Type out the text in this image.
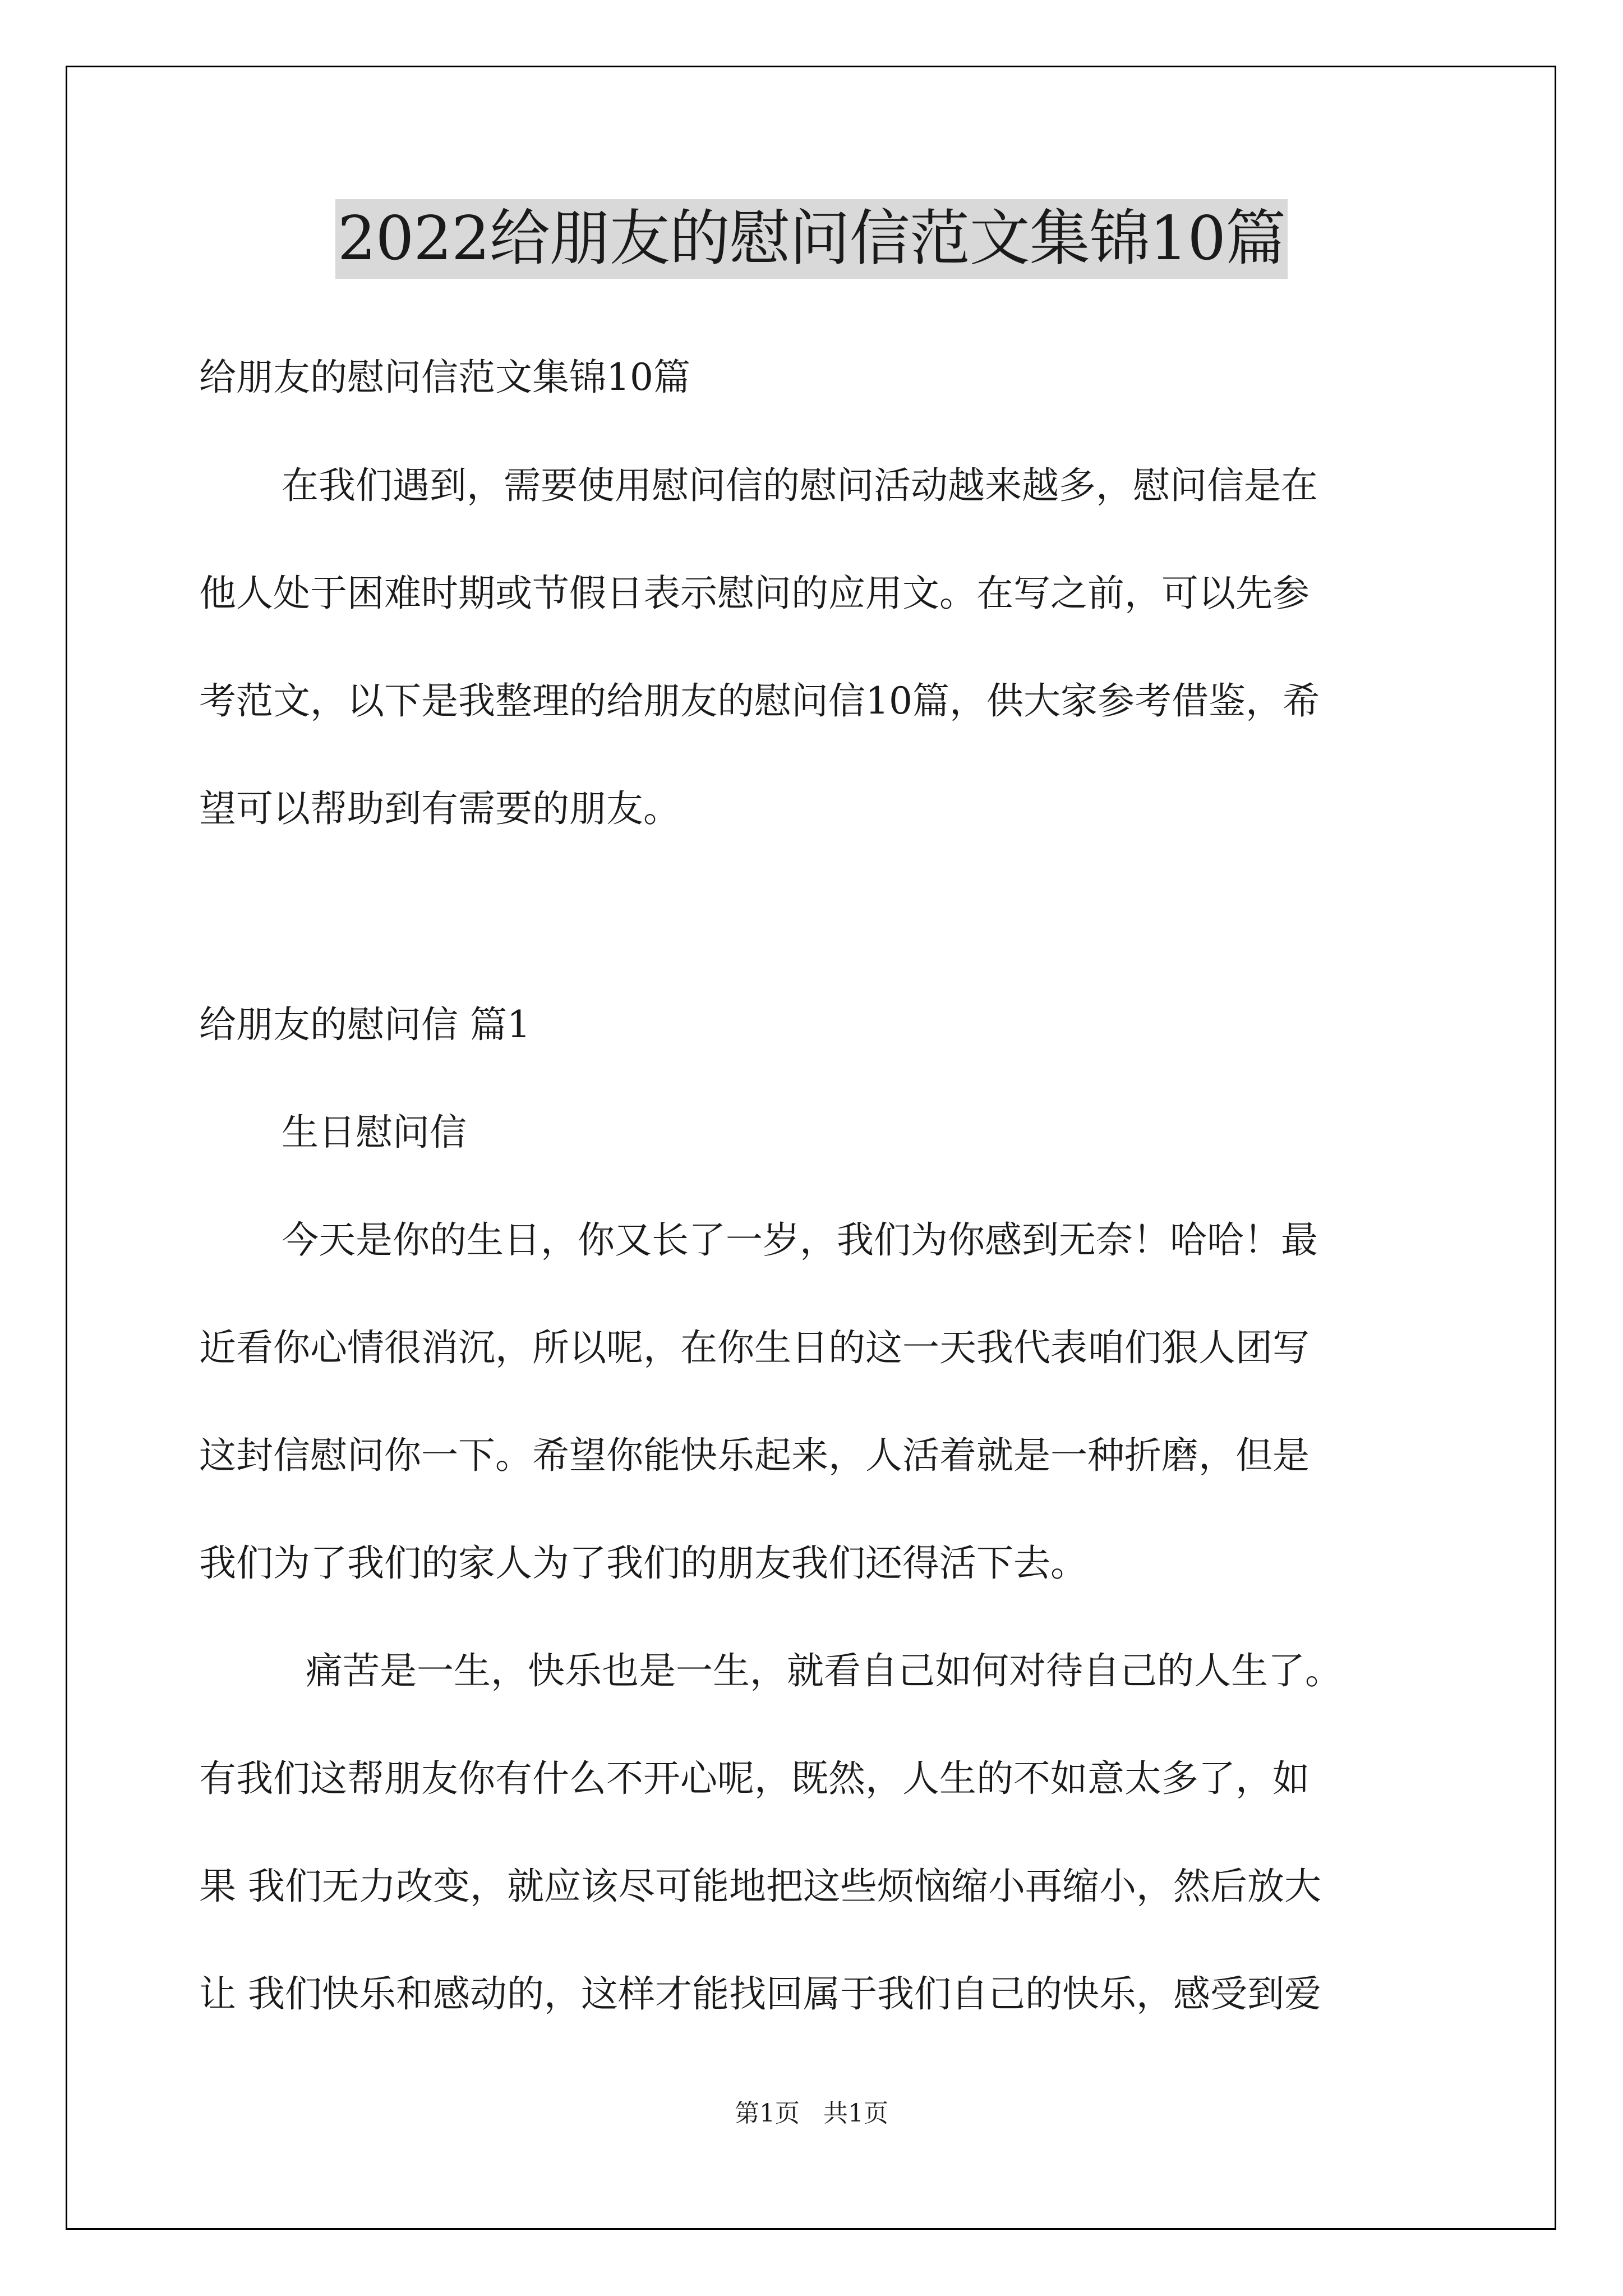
2022给朋友的慰问信范文集锦10篇
给朋友的慰问信范文集锦10篇
在我们遇到，需要使用慰问信的慰问活动越来越多，慰问信是在
他人处于困难时期或节假日表示慰问的应用文。在写之前，可以先参
考范文，以下是我整理的给朋友的慰问信10篇，供大家参考借鉴，希
望可以帮助到有需要的朋友。
给朋友的慰问信 篇1
生日慰问信
今天是你的生日，你又长了一岁，我们为你感到无奈！哈哈！最
近看你心情很消沉，所以呢，在你生日的这一天我代表咱们狠人团写
这封信慰问你一下。希望你能快乐起来，人活着就是一种折磨，但是
我们为了我们的家人为了我们的朋友我们还得活下去。
痛苦是一生，快乐也是一生，就看自己如何对待自己的人生了。
有我们这帮朋友你有什么不开心呢，既然，人生的不如意太多了，如
果 我们无力改变，就应该尽可能地把这些烦恼缩小再缩小，然后放大
让 我们快乐和感动的，这样才能找回属于我们自己的快乐，感受到爱
第1页 共1页
